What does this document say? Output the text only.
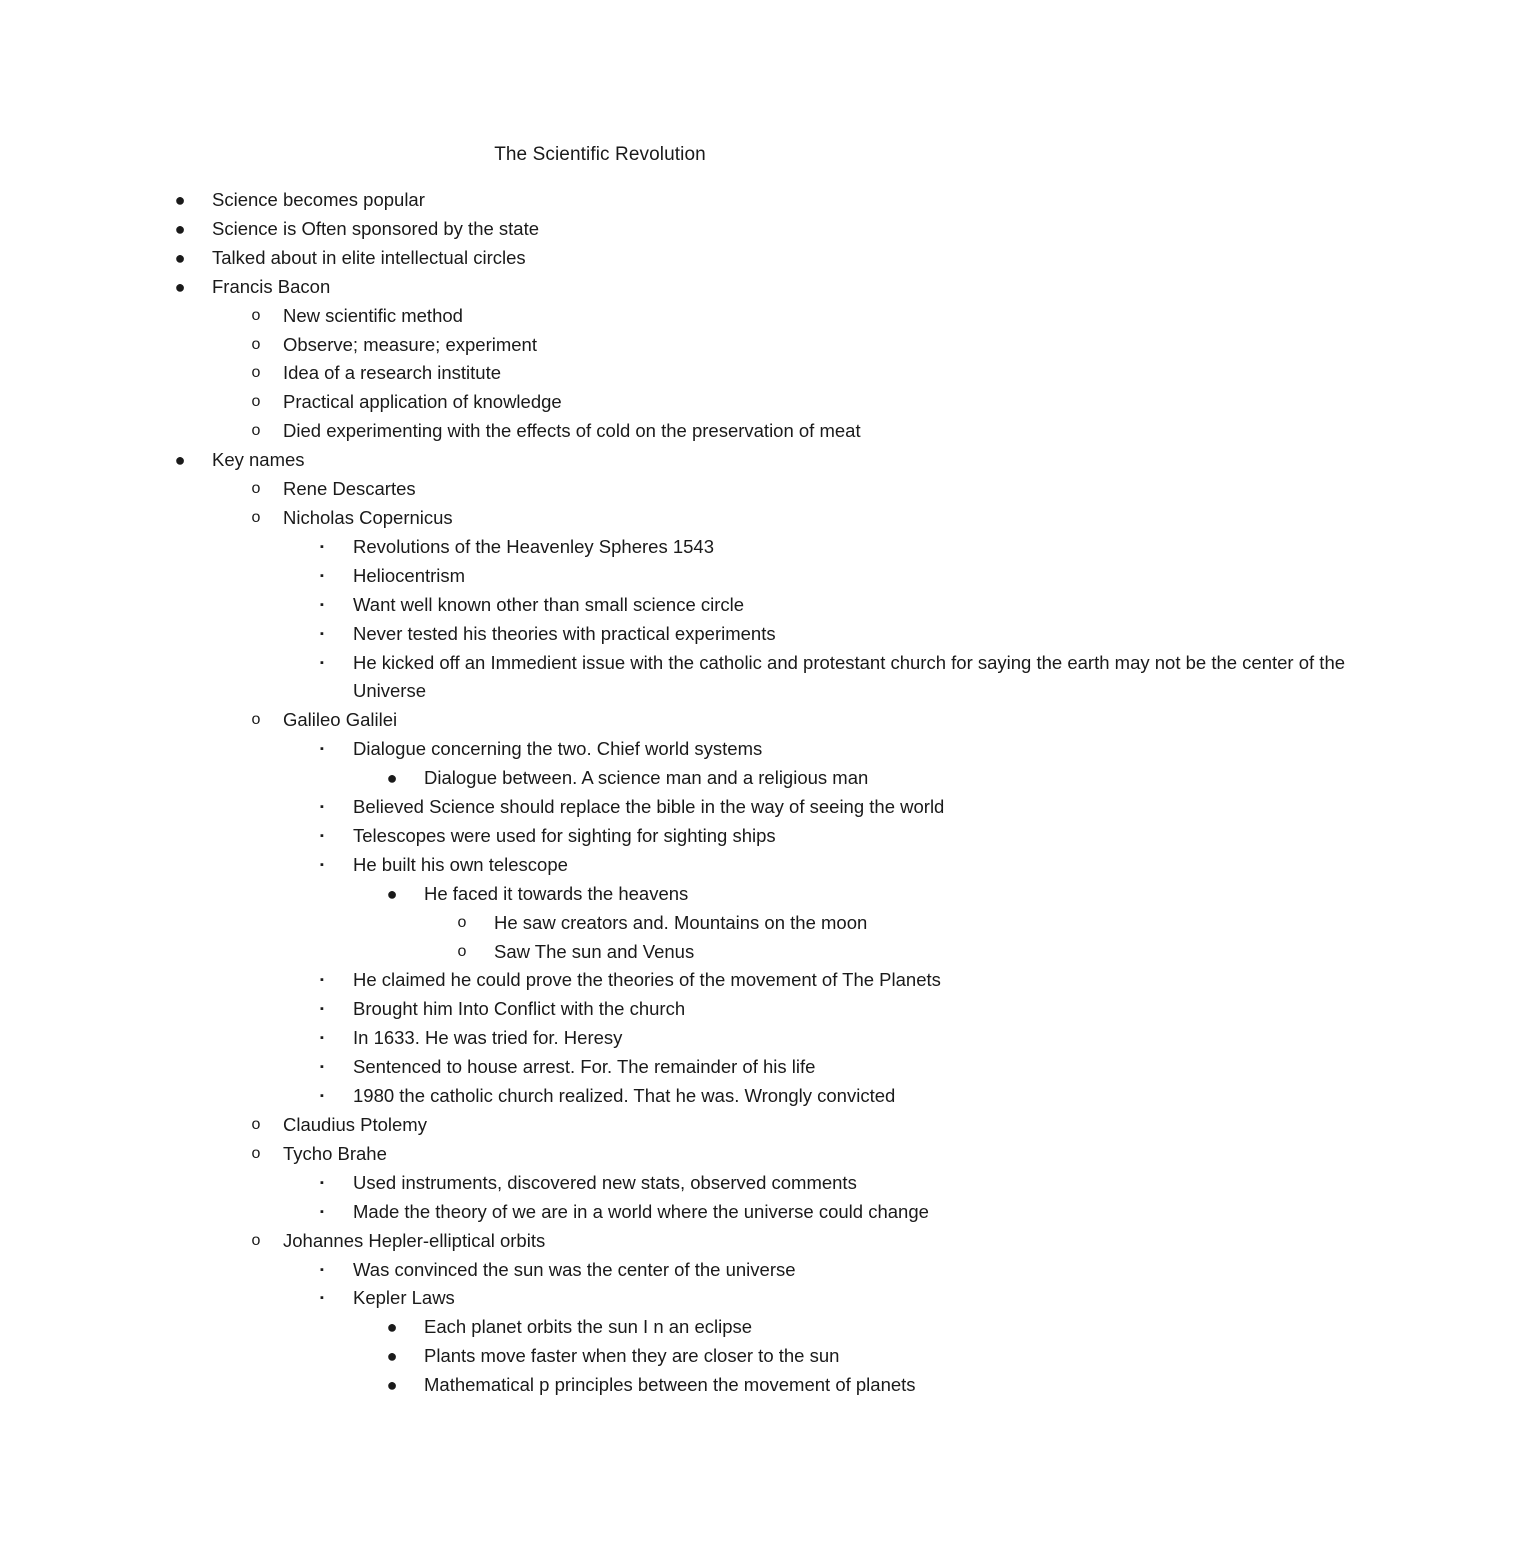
The Scientific Revolution
● Science becomes popular
● Science is Often sponsored by the state
● Talked about in elite intellectual circles
● Francis Bacon
o New scientific method
o Observe; measure; experiment
o Idea of a research institute
o Practical application of knowledge
o Died experimenting with the effects of cold on the preservation of meat
● Key names
o Rene Descartes
o Nicholas Copernicus
▪ Revolutions of the Heavenley Spheres 1543
▪ Heliocentrism
▪ Want well known other than small science circle
▪ Never tested his theories with practical experiments
▪ He kicked off an Immedient issue with the catholic and protestant church for saying the earth may not be the center of the Universe
o Galileo Galilei
▪ Dialogue concerning the two. Chief world systems
● Dialogue between. A science man and a religious man
▪ Believed Science should replace the bible in the way of seeing the world
▪ Telescopes were used for sighting for sighting ships
▪ He built his own telescope
● He faced it towards the heavens
o He saw creators and. Mountains on the moon
o Saw The sun and Venus
▪ He claimed he could prove the theories of the movement of The Planets
▪ Brought him Into Conflict with the church
▪ In 1633. He was tried for. Heresy
▪ Sentenced to house arrest. For. The remainder of his life
▪ 1980 the catholic church realized. That he was. Wrongly convicted
o Claudius Ptolemy
o Tycho Brahe
▪ Used instruments, discovered new stats, observed comments
▪ Made the theory of we are in a world where the universe could change
o Johannes Hepler-elliptical orbits
▪ Was convinced the sun was the center of the universe
▪ Kepler Laws
● Each planet orbits the sun I n an eclipse
● Plants move faster when they are closer to the sun
● Mathematical p principles between the movement of planets
